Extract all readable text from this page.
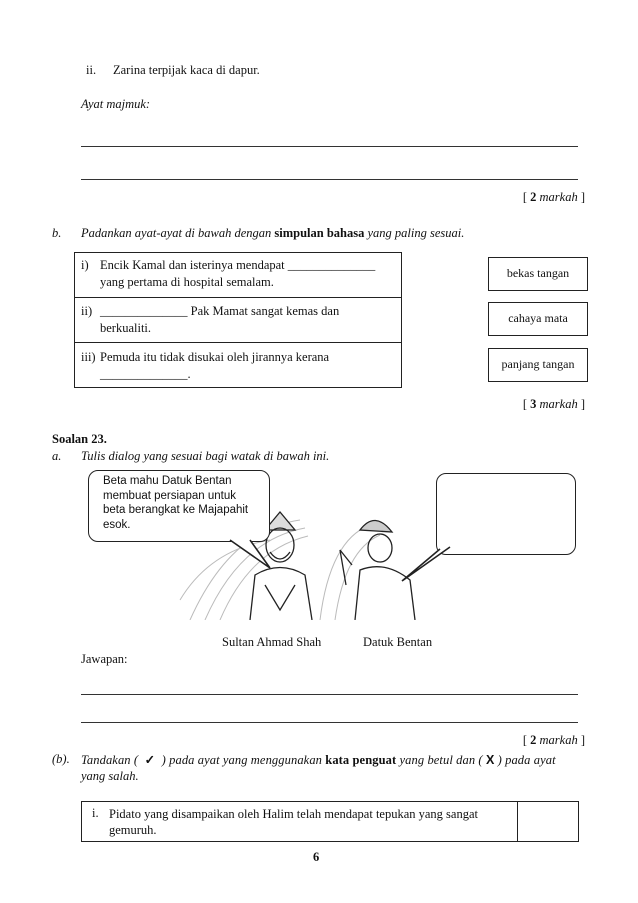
ii. Zarina terpijak kaca di dapur.
Ayat majmuk:
[ 2 markah ]
b. Padankan ayat-ayat di bawah dengan simpulan bahasa yang paling sesuai.
i) Encik Kamal dan isterinya mendapat ______________
yang pertama di hospital semalam.
ii) ______________ Pak Mamat sangat kemas dan
berkualiti.
iii) Pemuda itu tidak disukai oleh jirannya kerana
______________.
bekas tangan
cahaya mata
panjang tangan
[ 3 markah ]
Soalan 23.
a. Tulis dialog yang sesuai bagi watak di bawah ini.
Beta mahu Datuk Bentan
membuat persiapan untuk
beta berangkat ke Majapahit
esok.
Sultan Ahmad Shah	Datuk Bentan
Jawapan:
[ 2 markah ]
(b). Tandakan ( ✓ ) pada ayat yang menggunakan kata penguat yang betul dan ( X ) pada ayat
yang salah.
i. Pidato yang disampaikan oleh Halim telah mendapat tepukan yang sangat
gemuruh.
6
